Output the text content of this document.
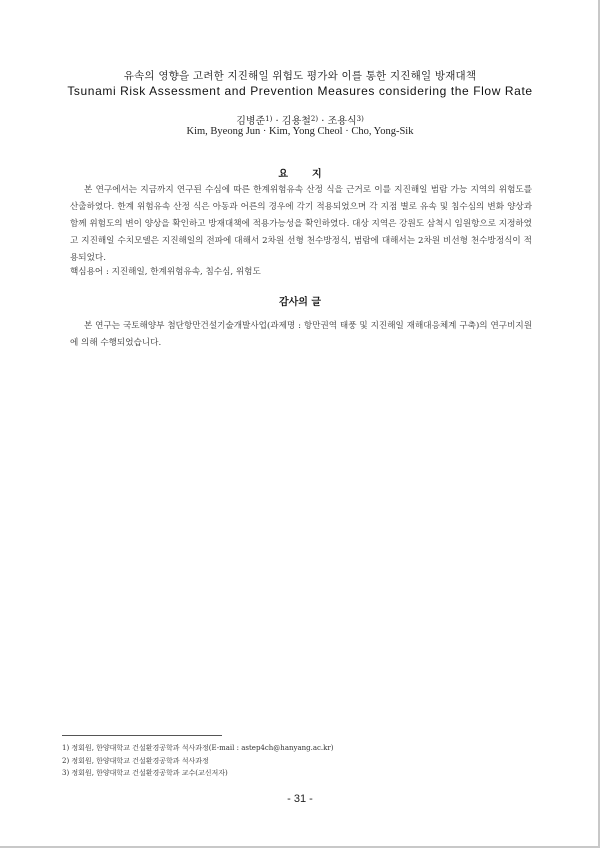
유속의 영향을 고려한 지진해일 위험도 평가와 이를 통한 지진해일 방재대책
Tsunami Risk Assessment and Prevention Measures considering the Flow Rate
김병준$^{1)}$ · 김용철$^{2)}$ · 조용식$^{3)}$
Kim, Byeong Jun · Kim, Yong Cheol · Cho, Yong-Sik
요지
본 연구에서는 지금까지 연구된 수심에 따른 한계위험유속 산정 식을 근거로 이를 지진해일 범람 가능 지역의 위험도를 산출하였다. 한계 위험유속 산정 식은 아동과 어른의 경우에 각기 적용되었으며 각 지점 별로 유속 및 침수심의 변화 양상과 함께 위험도의 변이 양상을 확인하고 방재대책에 적용가능성을 확인하였다. 대상 지역은 강원도 삼척시 임원항으로 지정하였고 지진해일 수치모델은 지진해일의 전파에 대해서 2차원 선형 천수방정식, 범람에 대해서는 2차원 비선형 천수방정식이 적용되었다.
핵심용어 : 지진해일, 한계위험유속, 침수심, 위험도
감사의 글
본 연구는 국토해양부 첨단항만건설기술개발사업(과제명 : 항만권역 태풍 및 지진해일 재해대응체계 구축)의 연구비지원에 의해 수행되었습니다.
1) 정회원, 한양대학교 건설환경공학과 석사과정(E-mail : astep4ch@hanyang.ac.kr)
2) 정회원, 한양대학교 건설환경공학과 석사과정
3) 정회원, 한양대학교 건설환경공학과 교수(교신저자)
- 31 -
